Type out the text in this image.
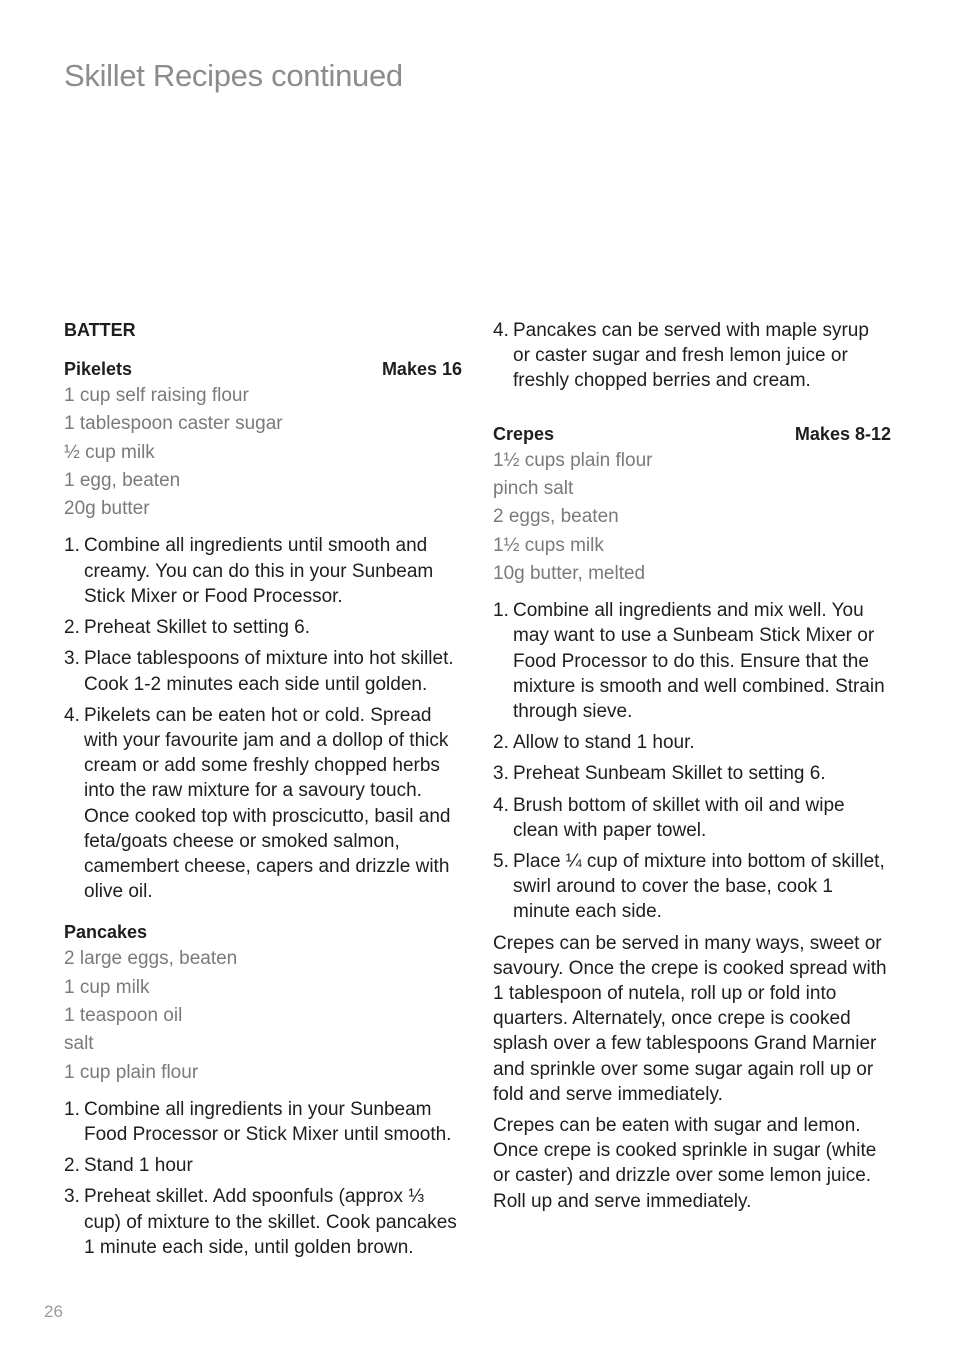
Skillet Recipes continued
BATTER
Pikelets	Makes 16
1 cup self raising flour
1 tablespoon caster sugar
½ cup milk
1 egg, beaten
20g butter
1. Combine all ingredients until smooth and creamy. You can do this in your Sunbeam Stick Mixer or Food Processor.
2. Preheat Skillet to setting 6.
3. Place tablespoons of mixture into hot skillet. Cook 1-2 minutes each side until golden.
4. Pikelets can be eaten hot or cold. Spread with your favourite jam and a dollop of thick cream or add some freshly chopped herbs into the raw mixture for a savoury touch. Once cooked top with proscicutto, basil and feta/goats cheese or smoked salmon, camembert cheese, capers and drizzle with olive oil.
Pancakes
2 large eggs, beaten
1 cup milk
1 teaspoon oil
salt
1 cup plain flour
1. Combine all ingredients in your Sunbeam Food Processor or Stick Mixer until smooth.
2. Stand 1 hour
3. Preheat skillet. Add spoonfuls (approx ⅓ cup) of mixture to the skillet. Cook pancakes 1 minute each side, until golden brown.
4. Pancakes can be served with maple syrup or caster sugar and fresh lemon juice or freshly chopped berries and cream.
Crepes	Makes 8-12
1½ cups plain flour
pinch salt
2 eggs, beaten
1½ cups milk
10g butter, melted
1. Combine all ingredients and mix well. You may want to use a Sunbeam Stick Mixer or Food Processor to do this. Ensure that the mixture is smooth and well combined. Strain through sieve.
2. Allow to stand 1 hour.
3. Preheat Sunbeam Skillet to setting 6.
4. Brush bottom of skillet with oil and wipe clean with paper towel.
5. Place ¼ cup of mixture into bottom of skillet, swirl around to cover the base, cook 1 minute each side.

Crepes can be served in many ways, sweet or savoury. Once the crepe is cooked spread with 1 tablespoon of nutela, roll up or fold into quarters. Alternately, once crepe is cooked splash over a few tablespoons Grand Marnier and sprinkle over some sugar again roll up or fold and serve immediately.

Crepes can be eaten with sugar and lemon. Once crepe is cooked sprinkle in sugar (white or caster) and drizzle over some lemon juice. Roll up and serve immediately.

26
